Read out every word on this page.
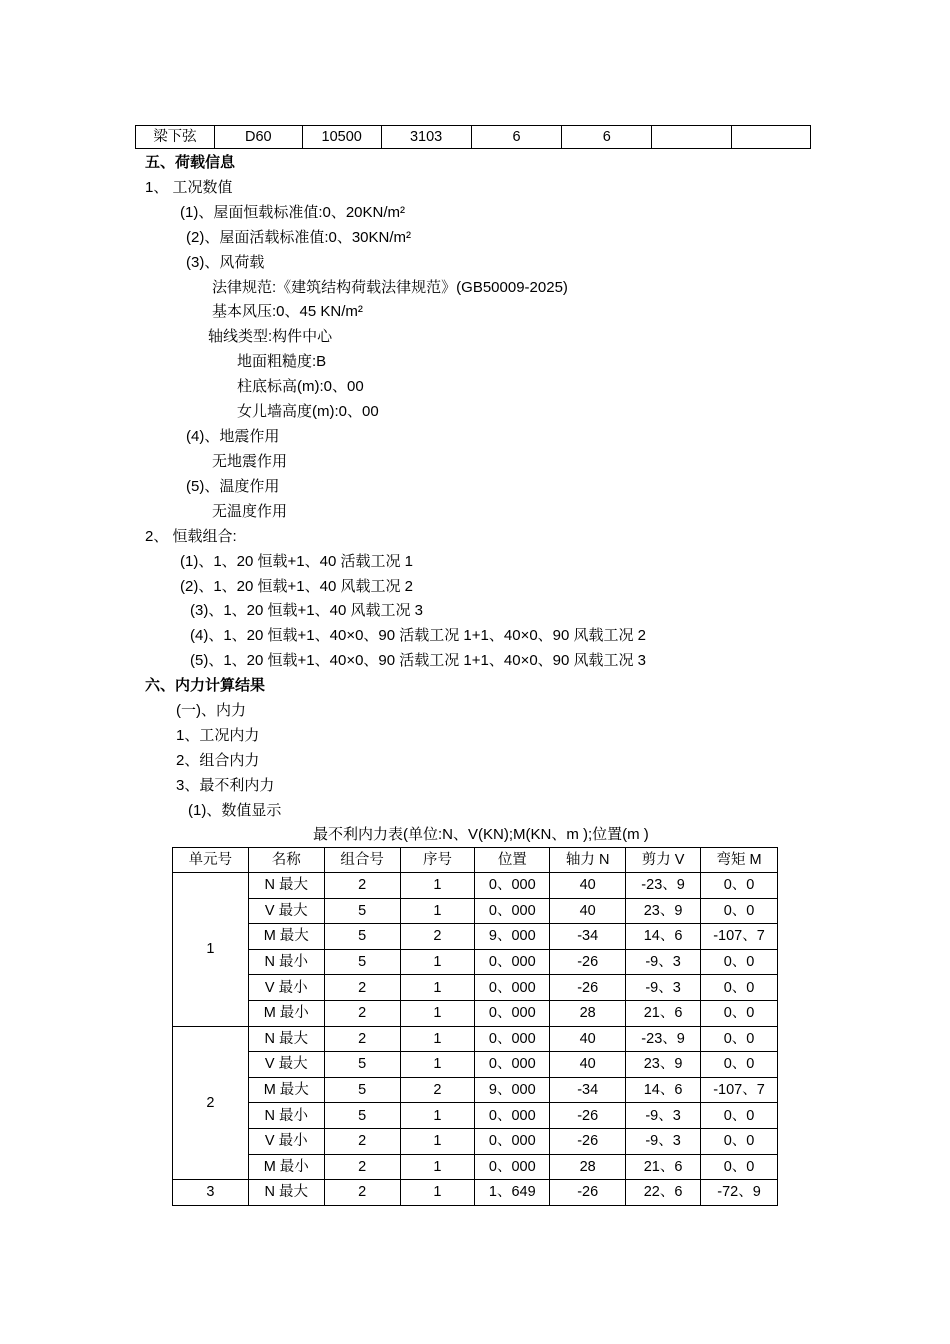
梁下弦	D60	10500	3103	6	6		
五、荷载信息
1、 工况数值
(1)、屋面恒载标准值:0、20KN/m²
(2)、屋面活载标准值:0、30KN/m²
(3)、风荷载
法律规范:《建筑结构荷载法律规范》(GB50009-2025)
基本风压:0、45 KN/m²
轴线类型:构件中心
地面粗糙度:B
柱底标高(m):0、00
女儿墙高度(m):0、00
(4)、地震作用
无地震作用
(5)、温度作用
无温度作用
2、 恒载组合:
(1)、1、20 恒载+1、40 活载工况 1
(2)、1、20 恒载+1、40 风载工况 2
(3)、1、20 恒载+1、40 风载工况 3
(4)、1、20 恒载+1、40×0、90 活载工况 1+1、40×0、90 风载工况 2
(5)、1、20 恒载+1、40×0、90 活载工况 1+1、40×0、90 风载工况 3
六、内力计算结果
(一)、内力
1、工况内力
2、组合内力
3、最不利内力
(1)、数值显示
最不利内力表(单位:N、V(KN);M(KN、m );位置(m )
单元号	名称	组合号	序号	位置	轴力 N	剪力 V	弯矩 M
1	N 最大	2	1	0、000	40	-23、9	0、0
	V 最大	5	1	0、000	40	23、9	0、0
	M 最大	5	2	9、000	-34	14、6	-107、7
	N 最小	5	1	0、000	-26	-9、3	0、0
	V 最小	2	1	0、000	-26	-9、3	0、0
	M 最小	2	1	0、000	28	21、6	0、0
2	N 最大	2	1	0、000	40	-23、9	0、0
	V 最大	5	1	0、000	40	23、9	0、0
	M 最大	5	2	9、000	-34	14、6	-107、7
	N 最小	5	1	0、000	-26	-9、3	0、0
	V 最小	2	1	0、000	-26	-9、3	0、0
	M 最小	2	1	0、000	28	21、6	0、0
3	N 最大	2	1	1、649	-26	22、6	-72、9
